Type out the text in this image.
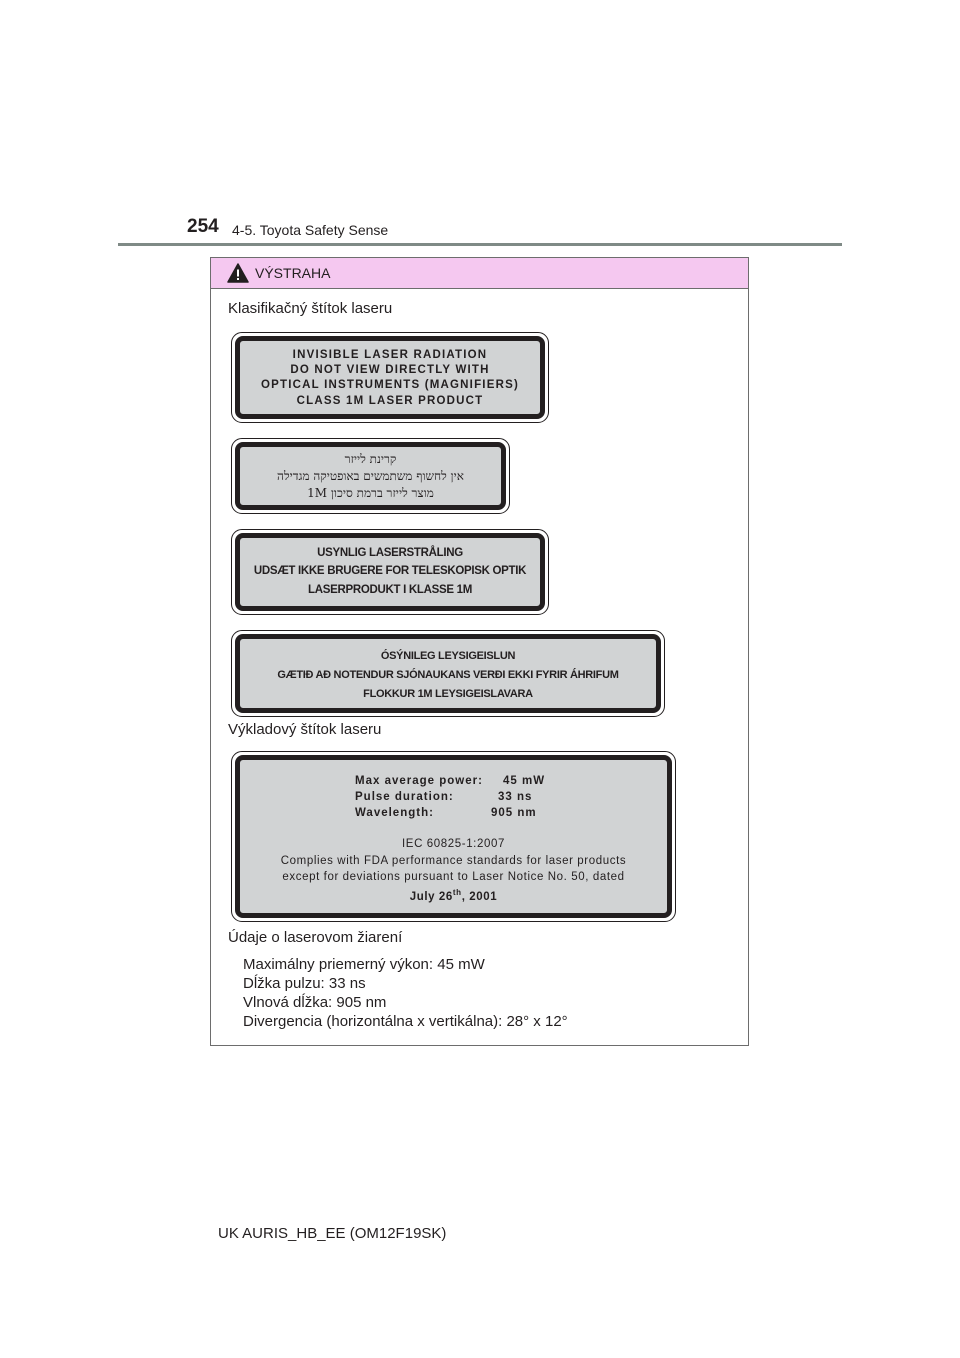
254 4-5. Toyota Safety Sense
VÝSTRAHA
Klasifikačný štítok laseru
INVISIBLE LASER RADIATION
DO NOT VIEW DIRECTLY WITH
OPTICAL INSTRUMENTS (MAGNIFIERS)
CLASS 1M LASER PRODUCT
קרינת לייזר
אין לחשוף משתמשים באופטיקה מגדילה
מוצר לייזר ברמת סיכון 1M
USYNLIG LASERSTRÅLING
UDSÆT IKKE BRUGERE FOR TELESKOPISK OPTIK
LASERPRODUKT I KLASSE 1M
ÓSÝNILEG LEYSIGEISLUN
GÆTIÐ AÐ NOTENDUR SJÓNAUKANS VERÐI EKKI FYRIR ÁHRIFUM
FLOKKUR 1M LEYSIGEISLAVARA
Výkladový štítok laseru
Max average power: 45 mW
Pulse duration:	33 ns
Wavelength:	905 nm
IEC 60825-1:2007
Complies with FDA performance standards for laser products
except for deviations pursuant to Laser Notice No. 50, dated
July 26th, 2001
Údaje o laserovom žiarení
Maximálny priemerný výkon: 45 mW
Dĺžka pulzu: 33 ns
Vlnová dĺžka: 905 nm
Divergencia (horizontálna x vertikálna): 28° x 12°
UK AURIS_HB_EE (OM12F19SK)
